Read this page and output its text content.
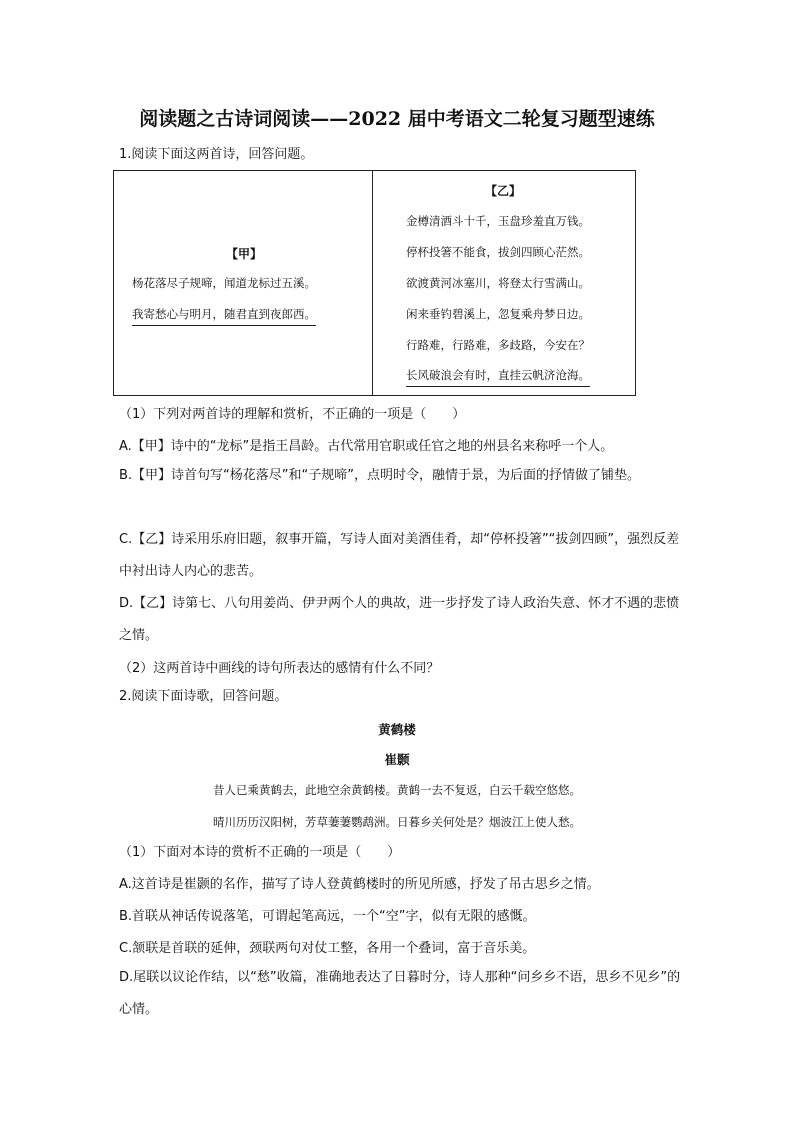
阅读题之古诗词阅读——2022 届中考语文二轮复习题型速练
1.阅读下面这两首诗，回答问题。
【甲】
杨花落尽子规啼，闻道龙标过五溪。
我寄愁心与明月，随君直到夜郎西。
【乙】
金樽清酒斗十千，玉盘珍羞直万钱。
停杯投箸不能食，拔剑四顾心茫然。
欲渡黄河冰塞川，将登太行雪满山。
闲来垂钓碧溪上，忽复乘舟梦日边。
行路难，行路难，多歧路，今安在？
长风破浪会有时，直挂云帆济沧海。
（1）下列对两首诗的理解和赏析，不正确的一项是（　　）
A.【甲】诗中的“龙标”是指王昌龄。古代常用官职或任官之地的州县名来称呼一个人。
B.【甲】诗首句写“杨花落尽”和“子规啼”，点明时令，融情于景，为后面的抒情做了铺垫。
C.【乙】诗采用乐府旧题，叙事开篇，写诗人面对美酒佳肴，却“停杯投箸”“拔剑四顾”，强烈反差中衬出诗人内心的悲苦。
D.【乙】诗第七、八句用姜尚、伊尹两个人的典故，进一步抒发了诗人政治失意、怀才不遇的悲愤之情。
（2）这两首诗中画线的诗句所表达的感情有什么不同？
2.阅读下面诗歌，回答问题。
黄鹤楼
崔颢
昔人已乘黄鹤去，此地空余黄鹤楼。黄鹤一去不复返，白云千载空悠悠。
晴川历历汉阳树，芳草萋萋鹦鹉洲。日暮乡关何处是？烟波江上使人愁。
（1）下面对本诗的赏析不正确的一项是（　　）
A.这首诗是崔颢的名作，描写了诗人登黄鹤楼时的所见所感，抒发了吊古思乡之情。
B.首联从神话传说落笔，可谓起笔高远，一个“空”字，似有无限的感慨。
C.颔联是首联的延伸，颈联两句对仗工整，各用一个叠词，富于音乐美。
D.尾联以议论作结，以“愁”收篇，准确地表达了日暮时分，诗人那种“问乡乡不语，思乡不见乡”的心情。
